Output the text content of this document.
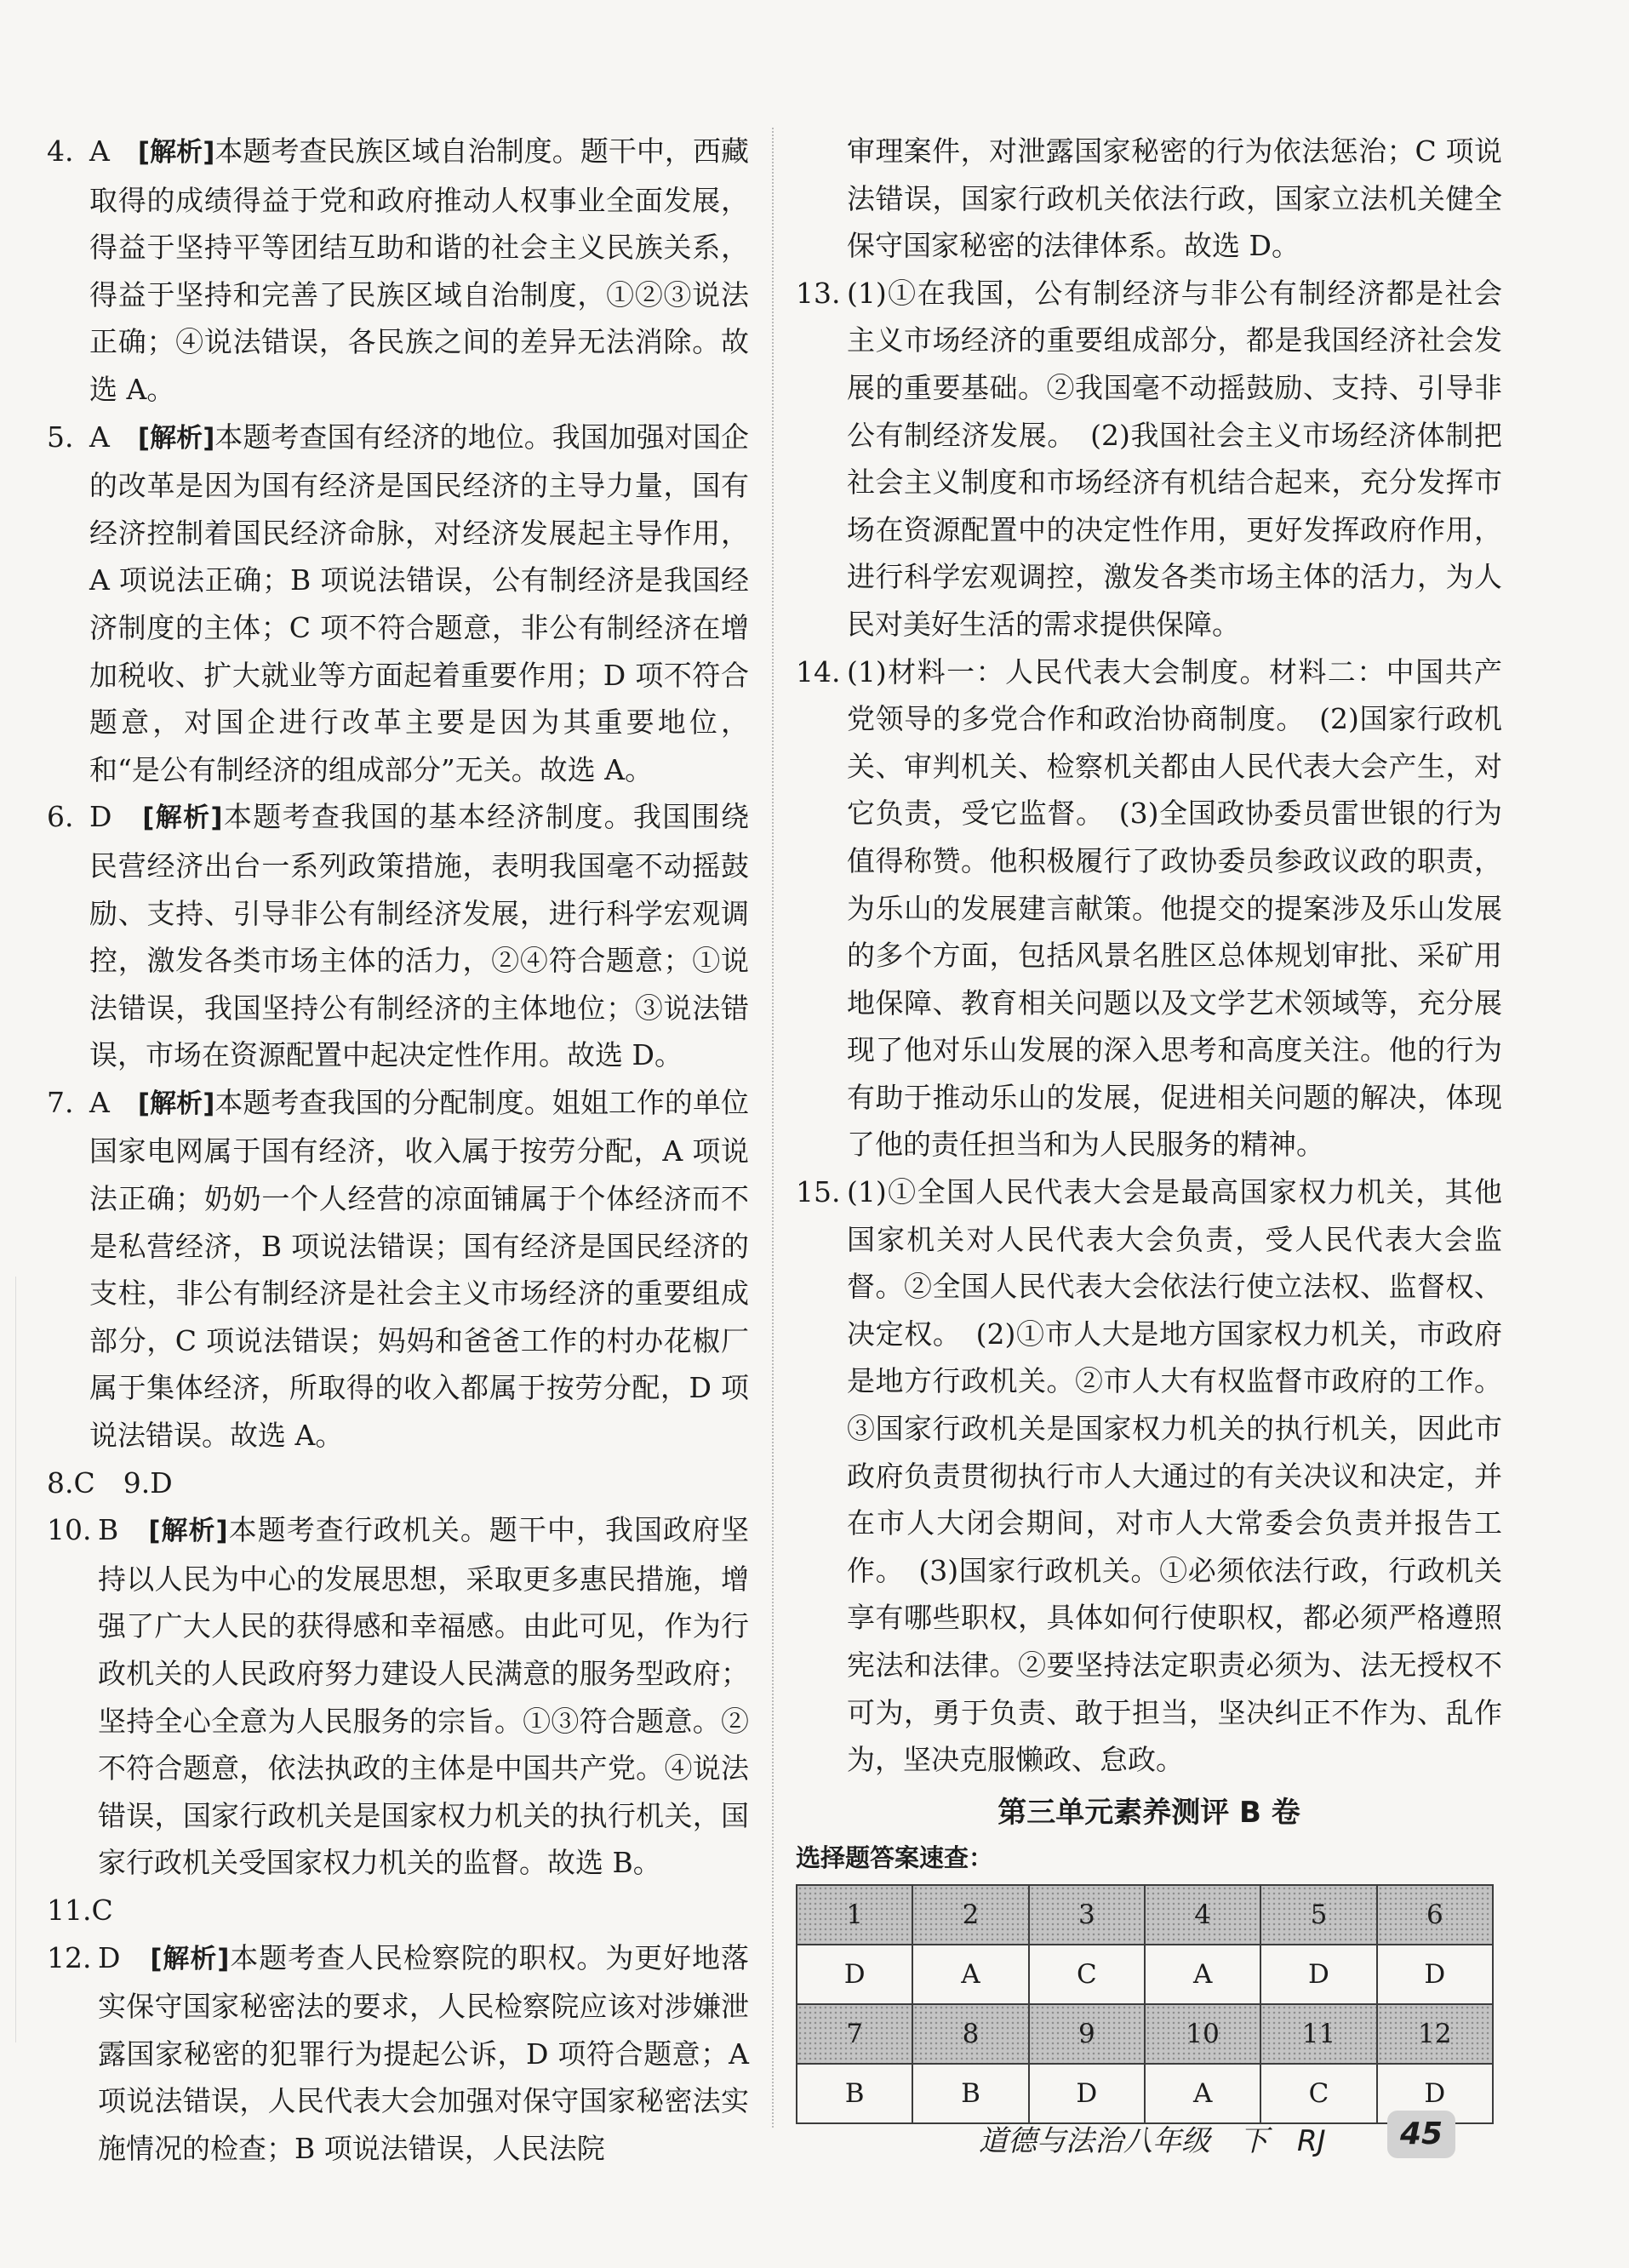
4. A　 [解析]本题考查民族区域自治制度。题干中，西藏取得的成绩得益于党和政府推动人权事业全面发展，得益于坚持平等团结互助和谐的社会主义民族关系，得益于坚持和完善了民族区域自治制度，①②③说法正确；④说法错误，各民族之间的差异无法消除。故选 A。
5. A　 [解析]本题考查国有经济的地位。我国加强对国企的改革是因为国有经济是国民经济的主导力量，国有经济控制着国民经济命脉，对经济发展起主导作用，A 项说法正确；B 项说法错误，公有制经济是我国经济制度的主体；C 项不符合题意，非公有制经济在增加税收、扩大就业等方面起着重要作用；D 项不符合题意，对国企进行改革主要是因为其重要地位，和“是公有制经济的组成部分”无关。故选 A。
6. D　 [解析]本题考查我国的基本经济制度。我国围绕民营经济出台一系列政策措施，表明我国毫不动摇鼓励、支持、引导非公有制经济发展，进行科学宏观调控，激发各类市场主体的活力，②④符合题意；①说法错误，我国坚持公有制经济的主体地位；③说法错误，市场在资源配置中起决定性作用。故选 D。
7. A　 [解析]本题考查我国的分配制度。姐姐工作的单位国家电网属于国有经济，收入属于按劳分配，A 项说法正确；奶奶一个人经营的凉面铺属于个体经济而不是私营经济，B 项说法错误；国有经济是国民经济的支柱，非公有制经济是社会主义市场经济的重要组成部分，C 项说法错误；妈妈和爸爸工作的村办花椒厂属于集体经济，所取得的收入都属于按劳分配，D 项说法错误。故选 A。
8.C　9.D
10. B　 [解析]本题考查行政机关。题干中，我国政府坚持以人民为中心的发展思想，采取更多惠民措施，增强了广大人民的获得感和幸福感。由此可见，作为行政机关的人民政府努力建设人民满意的服务型政府；坚持全心全意为人民服务的宗旨。①③符合题意。②不符合题意，依法执政的主体是中国共产党。④说法错误，国家行政机关是国家权力机关的执行机关，国家行政机关受国家权力机关的监督。故选 B。
11.C
12. D　 [解析]本题考查人民检察院的职权。为更好地落实保守国家秘密法的要求，人民检察院应该对涉嫌泄露国家秘密的犯罪行为提起公诉，D 项符合题意；A 项说法错误，人民代表大会加强对保守国家秘密法实施情况的检查；B 项说法错误，人民法院
审理案件，对泄露国家秘密的行为依法惩治；C 项说法错误，国家行政机关依法行政，国家立法机关健全保守国家秘密的法律体系。故选 D。
13. (1)①在我国，公有制经济与非公有制经济都是社会主义市场经济的重要组成部分，都是我国经济社会发展的重要基础。②我国毫不动摇鼓励、支持、引导非公有制经济发展。　(2)我国社会主义市场经济体制把社会主义制度和市场经济有机结合起来，充分发挥市场在资源配置中的决定性作用，更好发挥政府作用，进行科学宏观调控，激发各类市场主体的活力，为人民对美好生活的需求提供保障。
14. (1)材料一：人民代表大会制度。材料二：中国共产党领导的多党合作和政治协商制度。　(2)国家行政机关、审判机关、检察机关都由人民代表大会产生，对它负责，受它监督。　(3)全国政协委员雷世银的行为值得称赞。他积极履行了政协委员参政议政的职责，为乐山的发展建言献策。他提交的提案涉及乐山发展的多个方面，包括风景名胜区总体规划审批、采矿用地保障、教育相关问题以及文学艺术领域等，充分展现了他对乐山发展的深入思考和高度关注。他的行为有助于推动乐山的发展，促进相关问题的解决，体现了他的责任担当和为人民服务的精神。
15. (1)①全国人民代表大会是最高国家权力机关，其他国家机关对人民代表大会负责，受人民代表大会监督。②全国人民代表大会依法行使立法权、监督权、决定权。　(2)①市人大是地方国家权力机关，市政府是地方行政机关。②市人大有权监督市政府的工作。③国家行政机关是国家权力机关的执行机关，因此市政府负责贯彻执行市人大通过的有关决议和决定，并在市人大闭会期间，对市人大常委会负责并报告工作。　(3)国家行政机关。①必须依法行政，行政机关享有哪些职权，具体如何行使职权，都必须严格遵照宪法和法律。②要坚持法定职责必须为、法无授权不可为，勇于负责、敢于担当，坚决纠正不作为、乱作为，坚决克服懒政、怠政。
第三单元素养测评 B 卷
选择题答案速查：
1	2	3	4	5	6
D	A	C	A	D	D
7	8	9	10	11	12
B	B	D	A	C	D
道德与法治八年级　下　RJ	45
